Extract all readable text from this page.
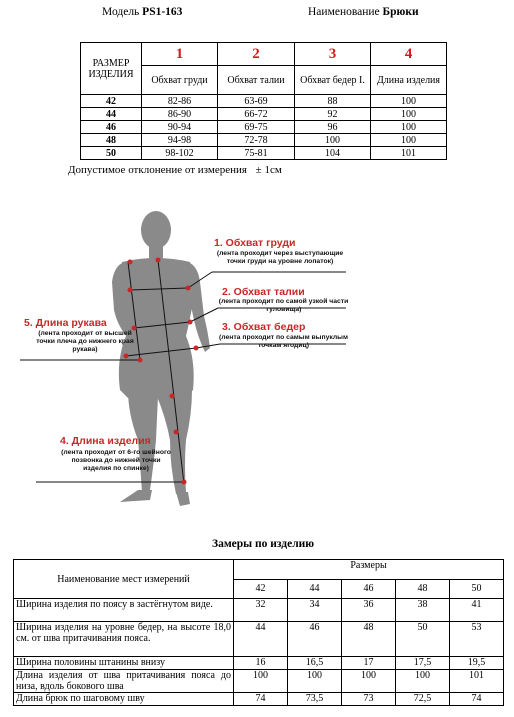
Модель PS1-163	Наименование Брюки
РАЗМЕР ИЗДЕЛИЯ	1	2	3	4
	Обхват груди	Обхват талии	Обхват бедер I.	Длина изделия
42	82-86	63-69	88	100
44	86-90	66-72	92	100
46	90-94	69-75	96	100
48	94-98	72-78	100	100
50	98-102	75-81	104	101
Допустимое отклонение от измерения ± 1см
1. Обхват груди
(лента проходит через выступающие точки груди на уровне лопаток)
2. Обхват талии
(лента проходит по самой узкой части туловища)
3. Обхват бедер
(лента проходит по самым выпуклым точкам ягодиц)
5. Длина рукава
(лента проходит от высшей точки плеча до нижнего края рукава)
4. Длина изделия
(лента проходит от 6-го шейного позвонка до нижней точки изделия по спинке)
Замеры по изделию
Наименование мест измерений	Размеры				
	42	44	46	48	50
Ширина изделия по поясу в застёгнутом виде.	32	34	36	38	41
Ширина изделия на уровне бедер, на высоте 18,0 см. от шва притачивания пояса.	44	46	48	50	53
Ширина половины штанины внизу	16	16,5	17	17,5	19,5
Длина изделия от шва притачивания пояса до низа, вдоль бокового шва	100	100	100	100	101
Длина брюк по шаговому шву	74	73,5	73	72,5	74
